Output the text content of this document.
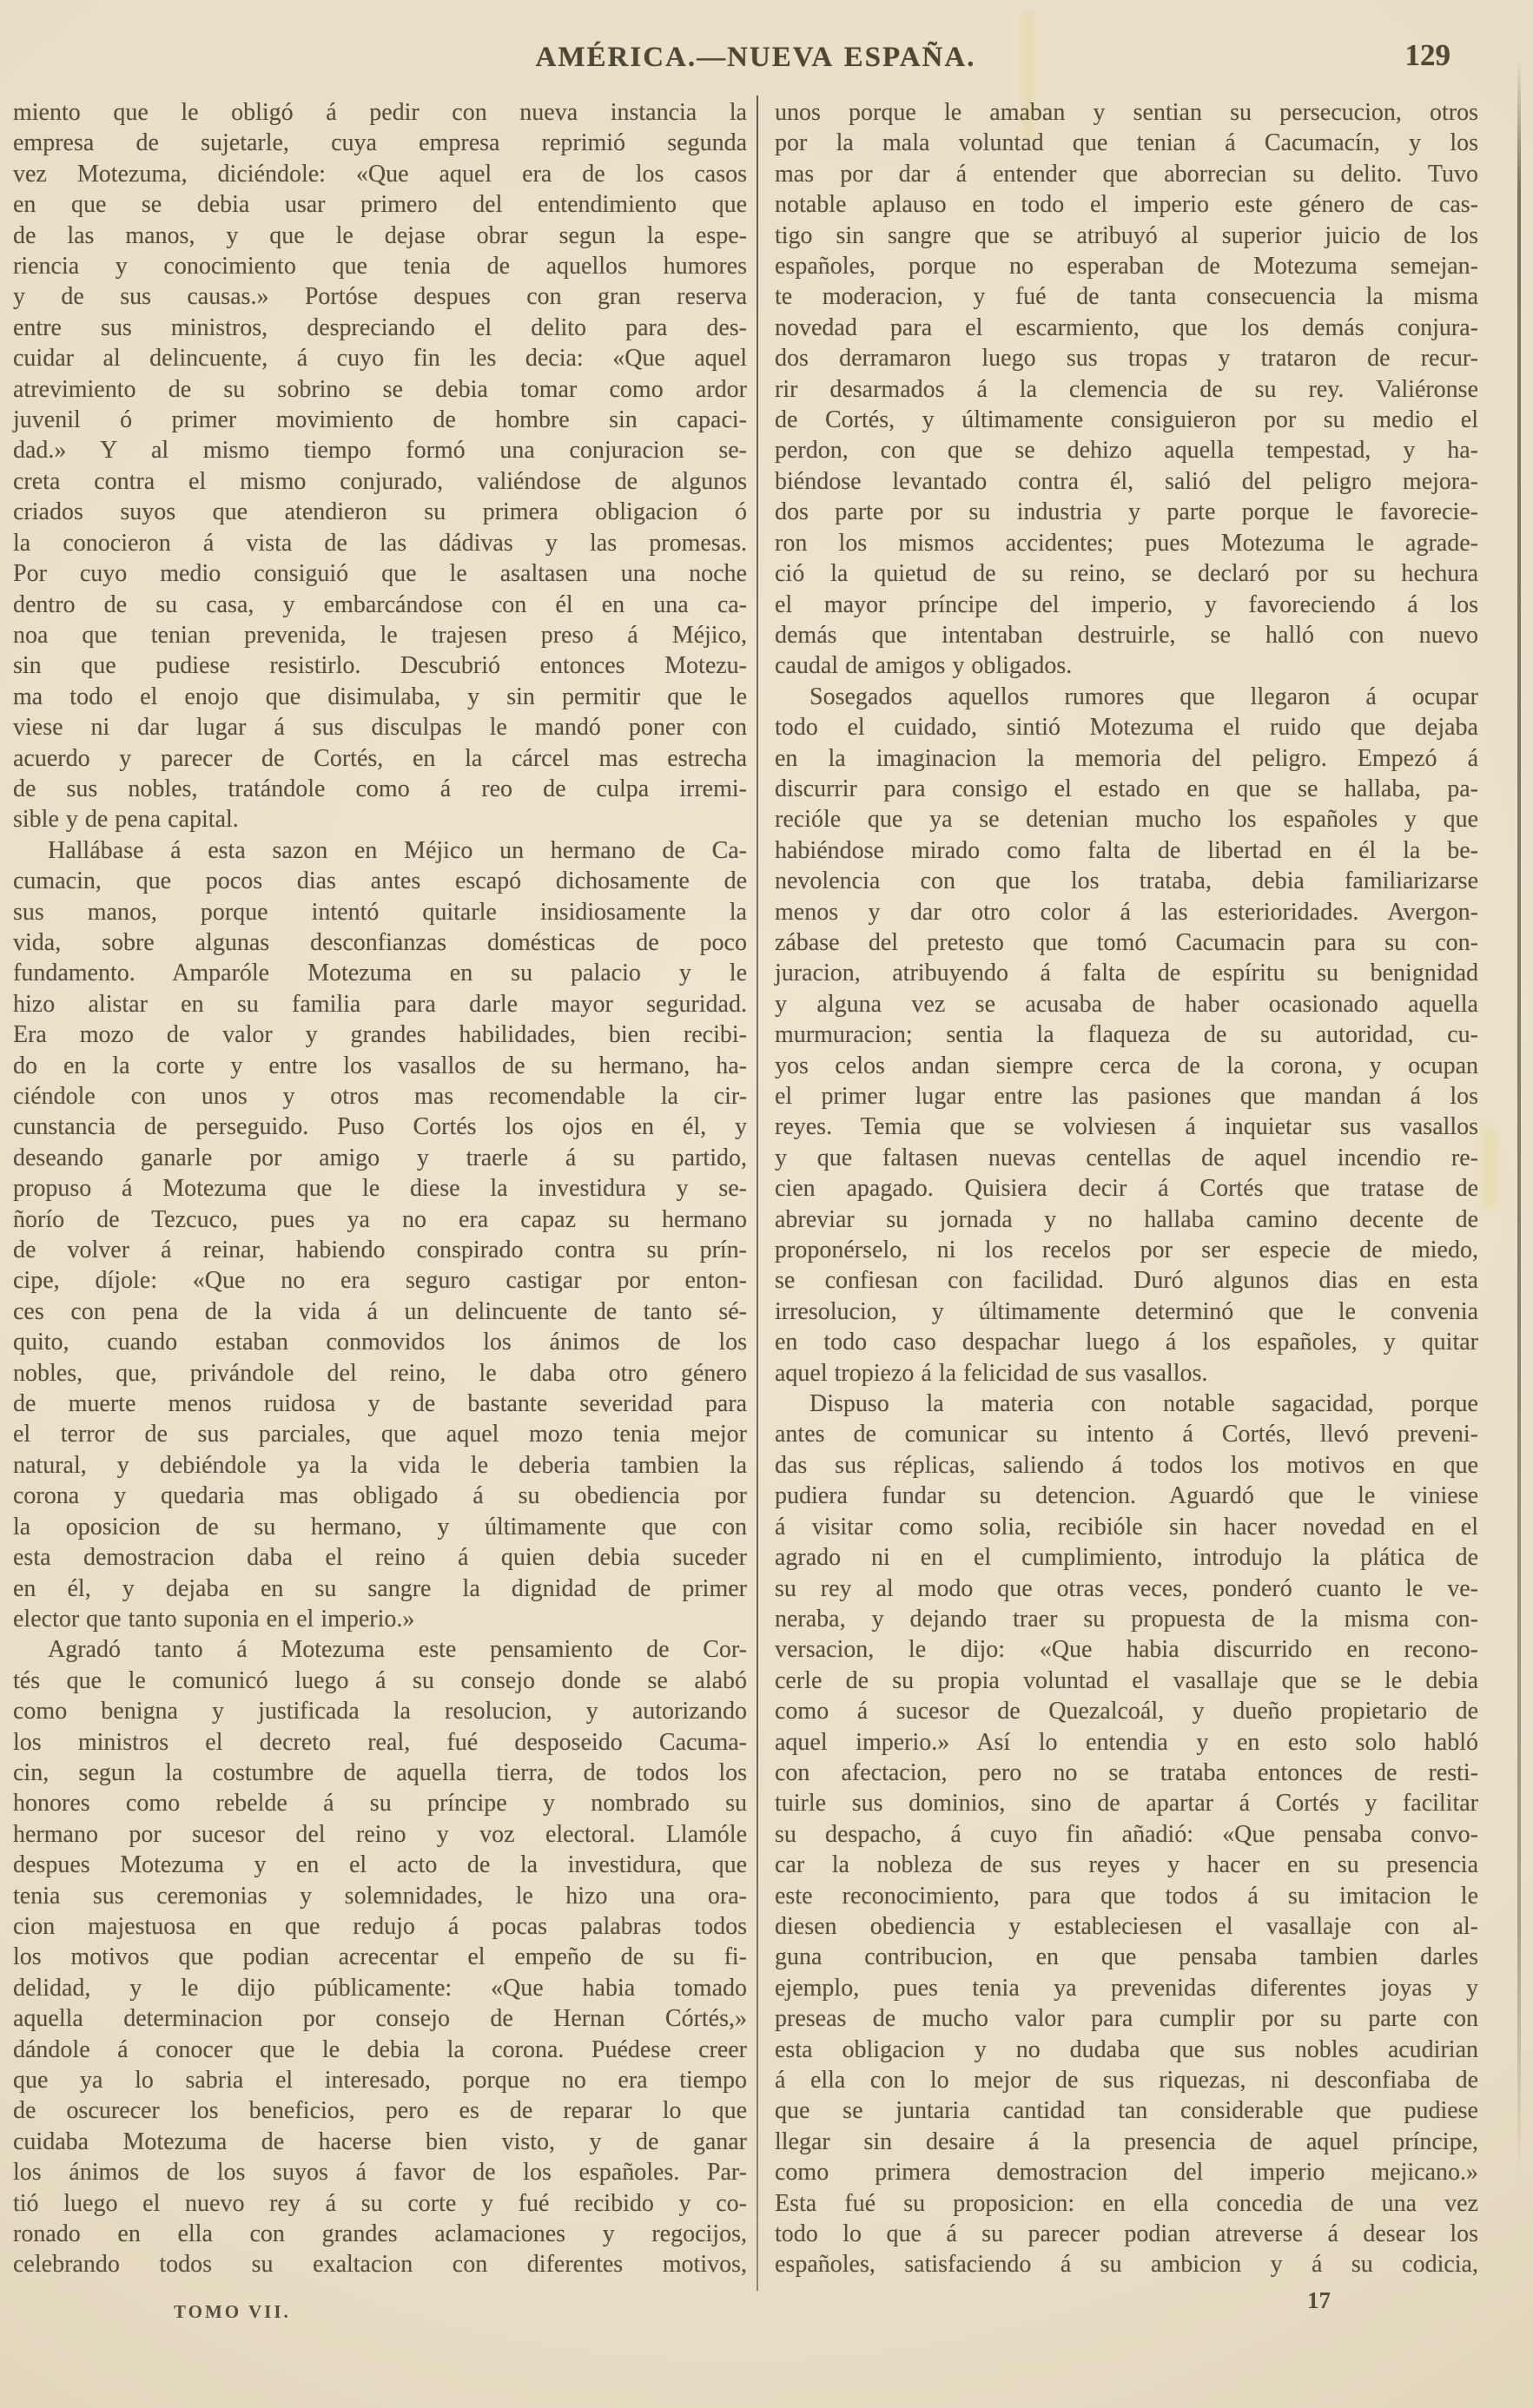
AMÉRICA.—NUEVA ESPAÑA.	129
miento que le obligó á pedir con nueva instancia la
empresa de sujetarle, cuya empresa reprimió segunda
vez Motezuma, diciéndole: «Que aquel era de los casos
en que se debia usar primero del entendimiento que
de las manos, y que le dejase obrar segun la espe-
riencia y conocimiento que tenia de aquellos humores
y de sus causas.» Portóse despues con gran reserva
entre sus ministros, despreciando el delito para des-
cuidar al delincuente, á cuyo fin les decia: «Que aquel
atrevimiento de su sobrino se debia tomar como ardor
juvenil ó primer movimiento de hombre sin capaci-
dad.» Y al mismo tiempo formó una conjuracion se-
creta contra el mismo conjurado, valiéndose de algunos
criados suyos que atendieron su primera obligacion ó
la conocieron á vista de las dádivas y las promesas.
Por cuyo medio consiguió que le asaltasen una noche
dentro de su casa, y embarcándose con él en una ca-
noa que tenian prevenida, le trajesen preso á Méjico,
sin que pudiese resistirlo. Descubrió entonces Motezu-
ma todo el enojo que disimulaba, y sin permitir que le
viese ni dar lugar á sus disculpas le mandó poner con
acuerdo y parecer de Cortés, en la cárcel mas estrecha
de sus nobles, tratándole como á reo de culpa irremi-
sible y de pena capital.
Hallábase á esta sazon en Méjico un hermano de Ca-
cumacin, que pocos dias antes escapó dichosamente de
sus manos, porque intentó quitarle insidiosamente la
vida, sobre algunas desconfianzas domésticas de poco
fundamento. Amparóle Motezuma en su palacio y le
hizo alistar en su familia para darle mayor seguridad.
Era mozo de valor y grandes habilidades, bien recibi-
do en la corte y entre los vasallos de su hermano, ha-
ciéndole con unos y otros mas recomendable la cir-
cunstancia de perseguido. Puso Cortés los ojos en él, y
deseando ganarle por amigo y traerle á su partido,
propuso á Motezuma que le diese la investidura y se-
ñorío de Tezcuco, pues ya no era capaz su hermano
de volver á reinar, habiendo conspirado contra su prín-
cipe, díjole: «Que no era seguro castigar por enton-
ces con pena de la vida á un delincuente de tanto sé-
quito, cuando estaban conmovidos los ánimos de los
nobles, que, privándole del reino, le daba otro género
de muerte menos ruidosa y de bastante severidad para
el terror de sus parciales, que aquel mozo tenia mejor
natural, y debiéndole ya la vida le deberia tambien la
corona y quedaria mas obligado á su obediencia por
la oposicion de su hermano, y últimamente que con
esta demostracion daba el reino á quien debia suceder
en él, y dejaba en su sangre la dignidad de primer
elector que tanto suponia en el imperio.»
Agradó tanto á Motezuma este pensamiento de Cor-
tés que le comunicó luego á su consejo donde se alabó
como benigna y justificada la resolucion, y autorizando
los ministros el decreto real, fué desposeido Cacuma-
cin, segun la costumbre de aquella tierra, de todos los
honores como rebelde á su príncipe y nombrado su
hermano por sucesor del reino y voz electoral. Llamóle
despues Motezuma y en el acto de la investidura, que
tenia sus ceremonias y solemnidades, le hizo una ora-
cion majestuosa en que redujo á pocas palabras todos
los motivos que podian acrecentar el empeño de su fi-
delidad, y le dijo públicamente: «Que habia tomado
aquella determinacion por consejo de Hernan Córtés,»
dándole á conocer que le debia la corona. Puédese creer
que ya lo sabria el interesado, porque no era tiempo
de oscurecer los beneficios, pero es de reparar lo que
cuidaba Motezuma de hacerse bien visto, y de ganar
los ánimos de los suyos á favor de los españoles. Par-
tió luego el nuevo rey á su corte y fué recibido y co-
ronado en ella con grandes aclamaciones y regocijos,
celebrando todos su exaltacion con diferentes motivos,
unos porque le amaban y sentian su persecucion, otros
por la mala voluntad que tenian á Cacumacín, y los
mas por dar á entender que aborrecian su delito. Tuvo
notable aplauso en todo el imperio este género de cas-
tigo sin sangre que se atribuyó al superior juicio de los
españoles, porque no esperaban de Motezuma semejan-
te moderacion, y fué de tanta consecuencia la misma
novedad para el escarmiento, que los demás conjura-
dos derramaron luego sus tropas y trataron de recur-
rir desarmados á la clemencia de su rey. Valiéronse
de Cortés, y últimamente consiguieron por su medio el
perdon, con que se dehizo aquella tempestad, y ha-
biéndose levantado contra él, salió del peligro mejora-
dos parte por su industria y parte porque le favorecie-
ron los mismos accidentes; pues Motezuma le agrade-
ció la quietud de su reino, se declaró por su hechura
el mayor príncipe del imperio, y favoreciendo á los
demás que intentaban destruirle, se halló con nuevo
caudal de amigos y obligados.
Sosegados aquellos rumores que llegaron á ocupar
todo el cuidado, sintió Motezuma el ruido que dejaba
en la imaginacion la memoria del peligro. Empezó á
discurrir para consigo el estado en que se hallaba, pa-
recióle que ya se detenian mucho los españoles y que
habiéndose mirado como falta de libertad en él la be-
nevolencia con que los trataba, debia familiarizarse
menos y dar otro color á las esterioridades. Avergon-
zábase del pretesto que tomó Cacumacin para su con-
juracion, atribuyendo á falta de espíritu su benignidad
y alguna vez se acusaba de haber ocasionado aquella
murmuracion; sentia la flaqueza de su autoridad, cu-
yos celos andan siempre cerca de la corona, y ocupan
el primer lugar entre las pasiones que mandan á los
reyes. Temia que se volviesen á inquietar sus vasallos
y que faltasen nuevas centellas de aquel incendio re-
cien apagado. Quisiera decir á Cortés que tratase de
abreviar su jornada y no hallaba camino decente de
proponérselo, ni los recelos por ser especie de miedo,
se confiesan con facilidad. Duró algunos dias en esta
irresolucion, y últimamente determinó que le convenia
en todo caso despachar luego á los españoles, y quitar
aquel tropiezo á la felicidad de sus vasallos.
Dispuso la materia con notable sagacidad, porque
antes de comunicar su intento á Cortés, llevó preveni-
das sus réplicas, saliendo á todos los motivos en que
pudiera fundar su detencion. Aguardó que le viniese
á visitar como solia, recibióle sin hacer novedad en el
agrado ni en el cumplimiento, introdujo la plática de
su rey al modo que otras veces, ponderó cuanto le ve-
neraba, y dejando traer su propuesta de la misma con-
versacion, le dijo: «Que habia discurrido en recono-
cerle de su propia voluntad el vasallaje que se le debia
como á sucesor de Quezalcoál, y dueño propietario de
aquel imperio.» Así lo entendia y en esto solo habló
con afectacion, pero no se trataba entonces de resti-
tuirle sus dominios, sino de apartar á Cortés y facilitar
su despacho, á cuyo fin añadió: «Que pensaba convo-
car la nobleza de sus reyes y hacer en su presencia
este reconocimiento, para que todos á su imitacion le
diesen obediencia y estableciesen el vasallaje con al-
guna contribucion, en que pensaba tambien darles
ejemplo, pues tenia ya prevenidas diferentes joyas y
preseas de mucho valor para cumplir por su parte con
esta obligacion y no dudaba que sus nobles acudirian
á ella con lo mejor de sus riquezas, ni desconfiaba de
que se juntaria cantidad tan considerable que pudiese
llegar sin desaire á la presencia de aquel príncipe,
como primera demostracion del imperio mejicano.»
Esta fué su proposicion: en ella concedia de una vez
todo lo que á su parecer podian atreverse á desear los
españoles, satisfaciendo á su ambicion y á su codicia,
TOMO VII.	17
